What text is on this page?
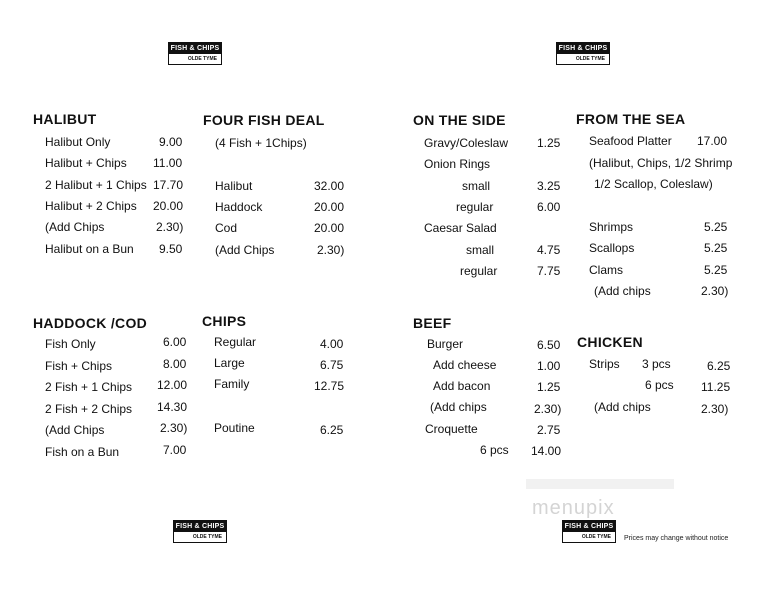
FISH & CHIPS
OLDE TYME
FISH & CHIPS
OLDE TYME
FISH & CHIPS
OLDE TYME
FISH & CHIPS
OLDE TYME
HALIBUT
Halibut Only	9.00
Halibut + Chips 11.00
2 Halibut + 1 Chips 17.70
Halibut + 2 Chips 20.00
(Add Chips	2.30)
Halibut on a Bun 9.50
FOUR FISH DEAL
(4 Fish + 1Chips)
Halibut	32.00
Haddock	20.00
Cod	20.00
(Add Chips	2.30)
ON THE SIDE
Gravy/Coleslaw 1.25
Onion Rings
small	3.25
regular	6.00
Caesar Salad
small	4.75
regular	7.75
FROM THE SEA
Seafood Platter 17.00
(Halibut, Chips, 1/2 Shrimp
1/2 Scallop, Coleslaw)
Shrimps	5.25
Scallops	5.25
Clams	5.25
(Add chips	2.30)
HADDOCK /COD
Fish Only	6.00
Fish + Chips	8.00
2 Fish + 1 Chips 12.00
2 Fish + 2 Chips 14.30
(Add Chips	2.30)
Fish on a Bun	7.00
CHIPS
Regular	4.00
Large	6.75
Family	12.75
Poutine	6.25
BEEF
Burger	6.50
Add cheese	1.00
Add bacon	1.25
(Add chips	2.30)
Croquette	2.75
6 pcs 14.00
CHICKEN
Strips 3 pcs	6.25
6 pcs 11.25
(Add chips	2.30)
menupix
Prices may change without notice
